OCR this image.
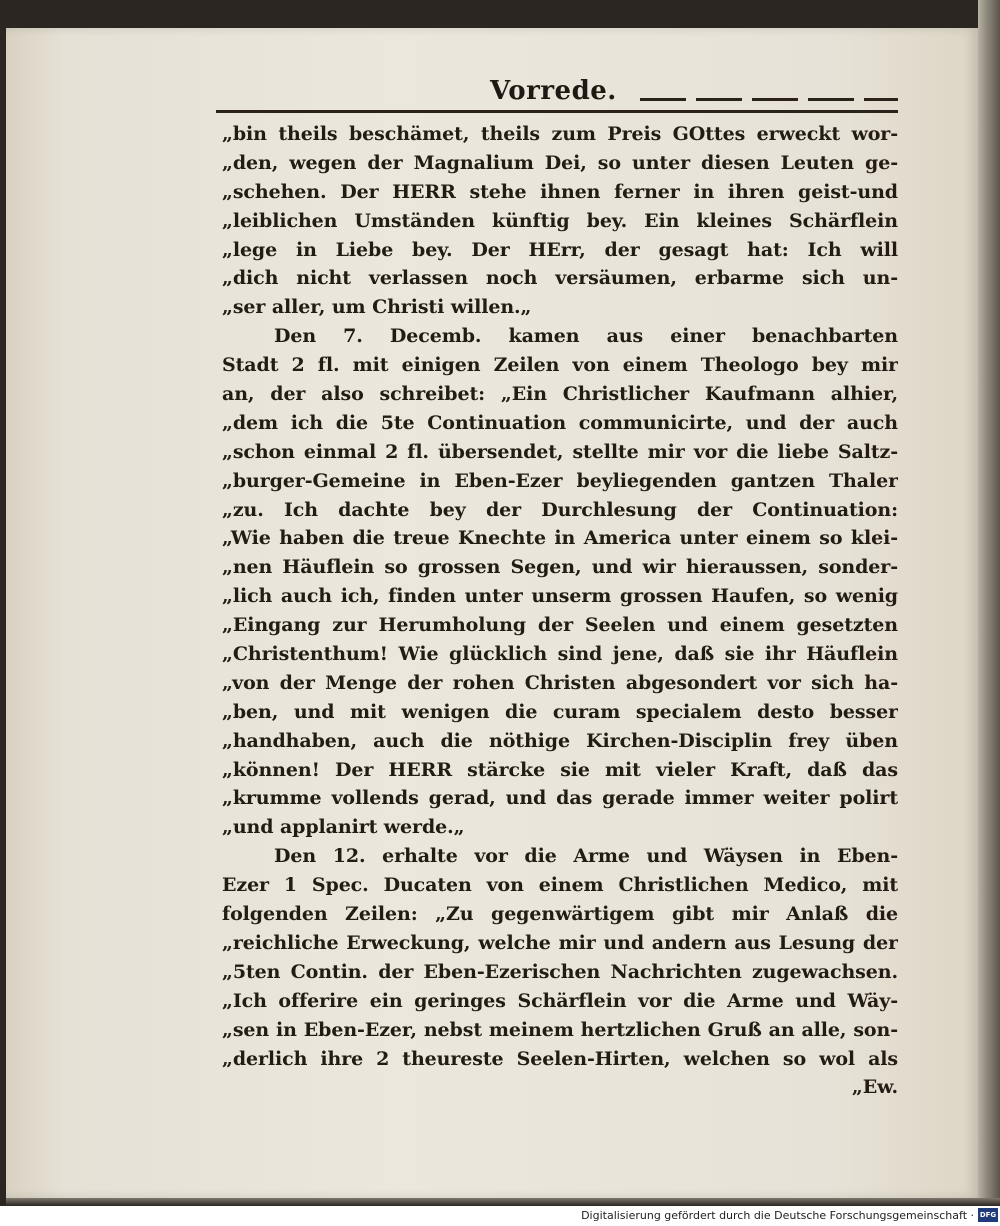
Vorrede.
„bin theils beschämet, theils zum Preis GOttes erweckt wor-
„den, wegen der Magnalium Dei, so unter diesen Leuten ge-
„schehen. Der HERR stehe ihnen ferner in ihren geist-und
„leiblichen Umständen künftig bey. Ein kleines Schärflein
„lege in Liebe bey. Der HErr, der gesagt hat: Ich will
„dich nicht verlassen noch versäumen, erbarme sich un-
„ser aller, um Christi willen.„
Den 7. Decemb. kamen aus einer benachbarten
Stadt 2 fl. mit einigen Zeilen von einem Theologo bey mir
an, der also schreibet: „Ein Christlicher Kaufmann alhier,
„dem ich die 5te Continuation communicirte, und der auch
„schon einmal 2 fl. übersendet, stellte mir vor die liebe Saltz-
„burger-Gemeine in Eben-Ezer beyliegenden gantzen Thaler
„zu. Ich dachte bey der Durchlesung der Continuation:
„Wie haben die treue Knechte in America unter einem so klei-
„nen Häuflein so grossen Segen, und wir hieraussen, sonder-
„lich auch ich, finden unter unserm grossen Haufen, so wenig
„Eingang zur Herumholung der Seelen und einem gesetzten
„Christenthum! Wie glücklich sind jene, daß sie ihr Häuflein
„von der Menge der rohen Christen abgesondert vor sich ha-
„ben, und mit wenigen die curam specialem desto besser
„handhaben, auch die nöthige Kirchen-Disciplin frey üben
„können! Der HERR stärcke sie mit vieler Kraft, daß das
„krumme vollends gerad, und das gerade immer weiter polirt
„und applanirt werde.„
Den 12. erhalte vor die Arme und Wäysen in Eben-
Ezer 1 Spec. Ducaten von einem Christlichen Medico, mit
folgenden Zeilen: „Zu gegenwärtigem gibt mir Anlaß die
„reichliche Erweckung, welche mir und andern aus Lesung der
„5ten Contin. der Eben-Ezerischen Nachrichten zugewachsen.
„Ich offerire ein geringes Schärflein vor die Arme und Wäy-
„sen in Eben-Ezer, nebst meinem hertzlichen Gruß an alle, son-
„derlich ihre 2 theureste Seelen-Hirten, welchen so wol als
„Ew.
Digitalisierung gefördert durch die Deutsche Forschungsgemeinschaft · DFG
